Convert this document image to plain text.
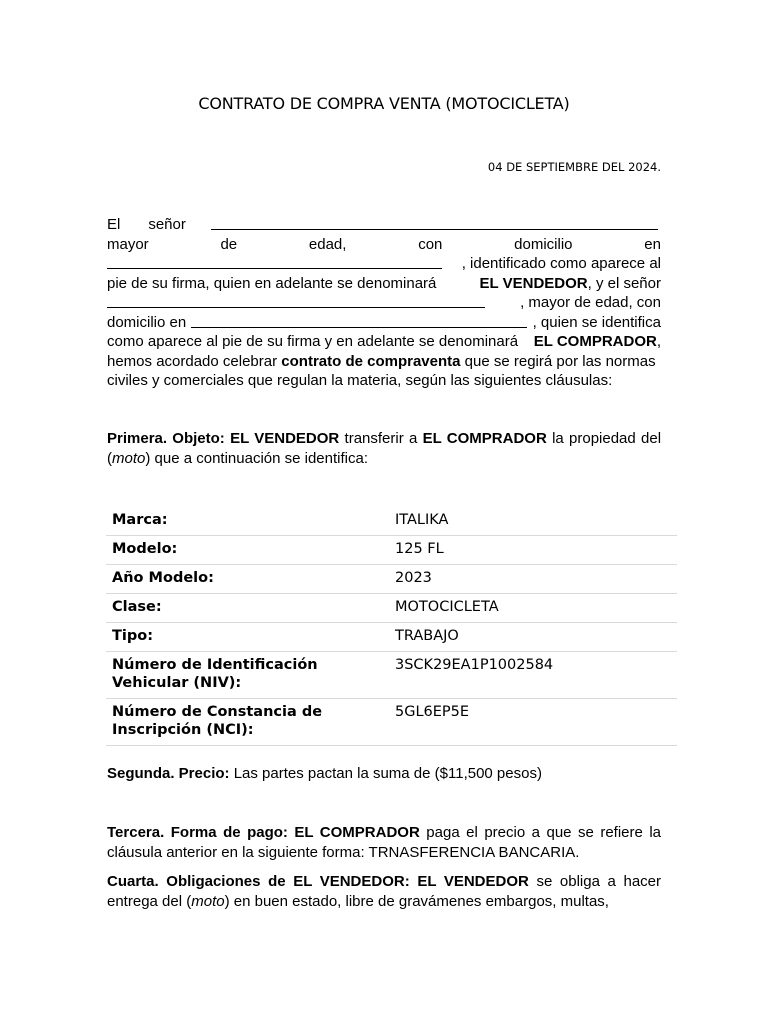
CONTRATO DE COMPRA VENTA (MOTOCICLETA)

04 DE SEPTIEMBRE DEL 2024.

El señor
mayor	de	edad,	con	domicilio	en
, identificado como aparece al
pie de su firma, quien en adelante se denominará	EL VENDEDOR, y el señor
, mayor de edad, con
domicilio en	, quien se identifica
como aparece al pie de su firma y en adelante se denominará EL COMPRADOR,
hemos acordado celebrar
contrato de compraventa
que se regirá por las normas
civiles y comerciales que regulan la materia, según las siguientes cláusulas:

Primera. Objeto: EL VENDEDOR transferir a EL COMPRADOR la propiedad del (moto) que a continuación se identifica:

Marca:	ITALIKA
Modelo:	125 FL
Año Modelo:	2023
Clase:	MOTOCICLETA
Tipo:	TRABAJO
Número de Identificación Vehicular (NIV):	3SCK29EA1P1002584
Número de Constancia de Inscripción (NCI):	5GL6EP5E

Segunda. Precio: Las partes pactan la suma de ($11,500 pesos)

Tercera. Forma de pago: EL COMPRADOR paga el precio a que se refiere la cláusula anterior en la siguiente forma: TRNASFERENCIA BANCARIA.

Cuarta. Obligaciones de EL VENDEDOR: EL VENDEDOR se obliga a hacer entrega del (moto) en buen estado, libre de gravámenes embargos, multas,
